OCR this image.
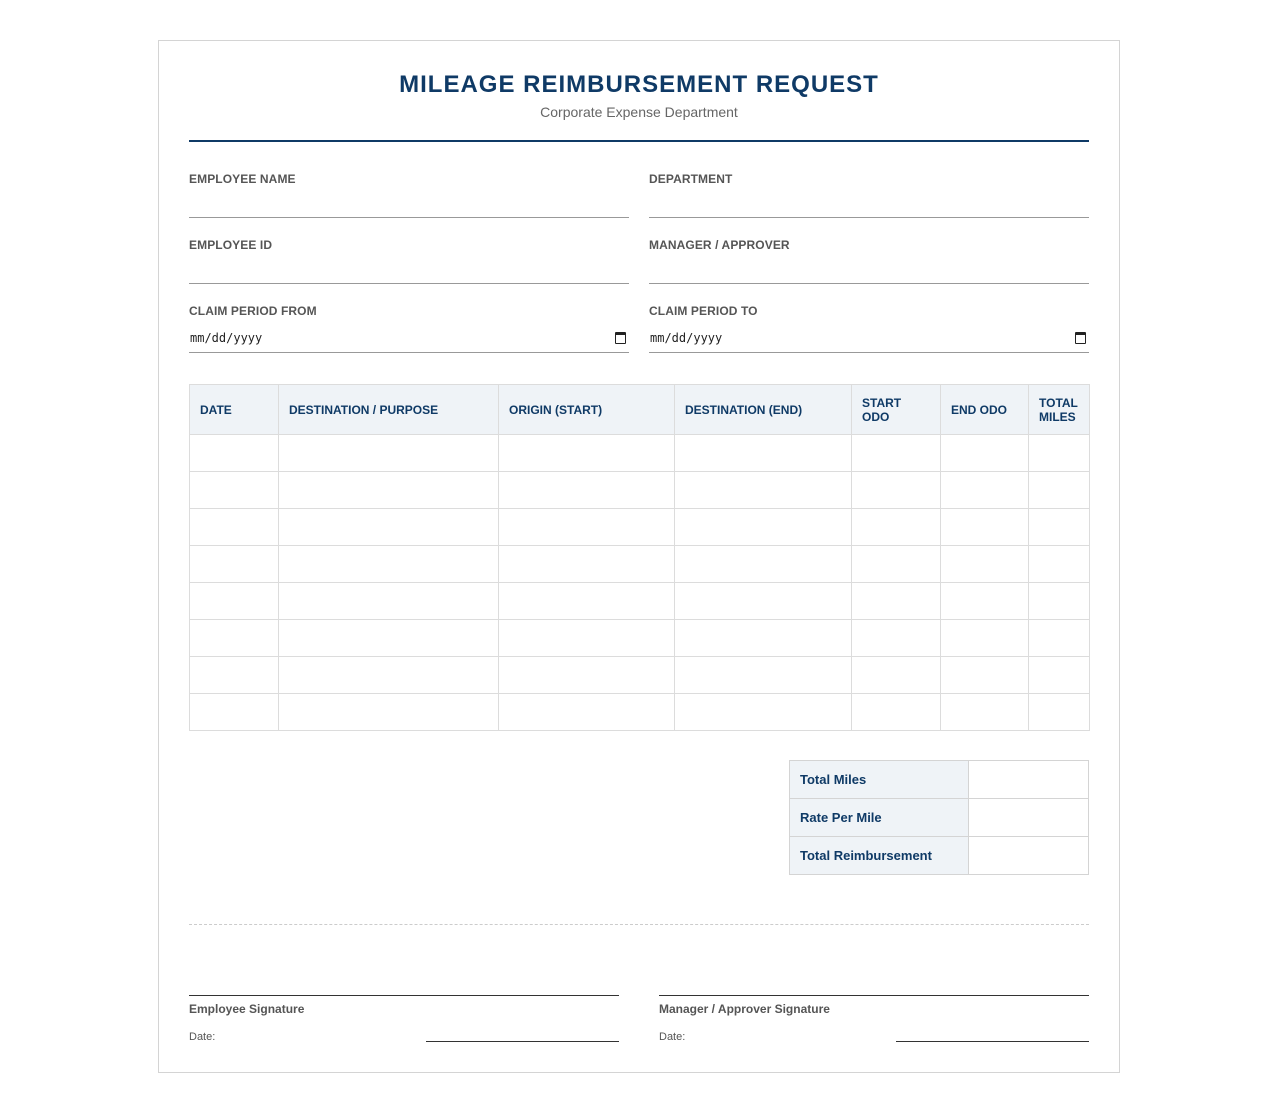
MILEAGE REIMBURSEMENT REQUEST
Corporate Expense Department
EMPLOYEE NAME	DEPARTMENT
EMPLOYEE ID	MANAGER / APPROVER
CLAIM PERIOD FROM
mm/dd/yyyy
CLAIM PERIOD TO
mm/dd/yyyy
DATE	DESTINATION / PURPOSE	ORIGIN (START)	DESTINATION (END)	START ODO	END ODO	TOTAL MILES

Total Miles	
Rate Per Mile	
Total Reimbursement	
Employee Signature
Date:
Manager / Approver Signature
Date:
